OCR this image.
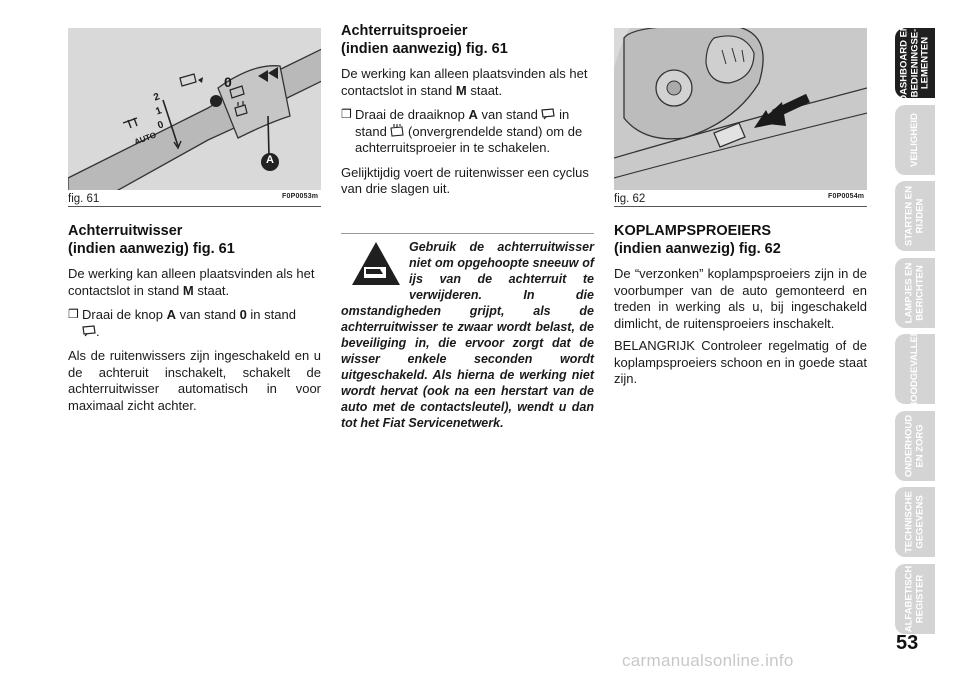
0
2
1
0
AUTO
A
fig. 61	F0P0053m
Achterruitwisser
(indien aanwezig) fig. 61

De werking kan alleen plaatsvinden als het contactslot in stand M staat.

❒ Draai de knop A van stand 0 in stand
.

Als de ruitenwissers zijn ingeschakeld en u de achteruit inschakelt, schakelt de achterruitwisser automatisch in voor maximaal zicht achter.

Achterruitsproeier
(indien aanwezig) fig. 61

De werking kan alleen plaatsvinden als het contactslot in stand M staat.

❒ Draai de draaiknop A van stand  in stand  (onvergrendelde stand) om de achterruitsproeier in te schakelen.

Gelijktijdig voert de ruitenwisser een cyclus van drie slagen uit.

Gebruik de achterruitwisser niet om opgehoopte sneeuw of ijs van de achterruit te verwijderen. In die omstandigheden grijpt, als de achterruitwisser te zwaar wordt belast, de beveiliging in, die ervoor zorgt dat de wisser enkele seconden wordt uitgeschakeld. Als hierna de werking niet wordt hervat (ook na een herstart van de auto met de contactsleutel), wendt u dan tot het Fiat Servicenetwerk.

fig. 62	F0P0054m
KOPLAMPSPROEIERS
(indien aanwezig) fig. 62

De “verzonken” koplampsproeiers zijn in de voorbumper van de auto gemonteerd en treden in werking als u, bij ingeschakeld dimlicht, de ruitensproeiers inschakelt.

BELANGRIJK Controleer regelmatig of de koplampsproeiers schoon en in goede staat zijn.

DASHBOARD EN
BEDIENINGSE-
LEMENTEN
VEILIGHEID
STARTEN EN
RIJDEN
LAMPJES EN
BERICHTEN
NOODGEVALLEN
ONDERHOUD
EN ZORG
TECHNISCHE
GEGEVENS
ALFABETISCH
REGISTER
53
carmanualsonline.info
